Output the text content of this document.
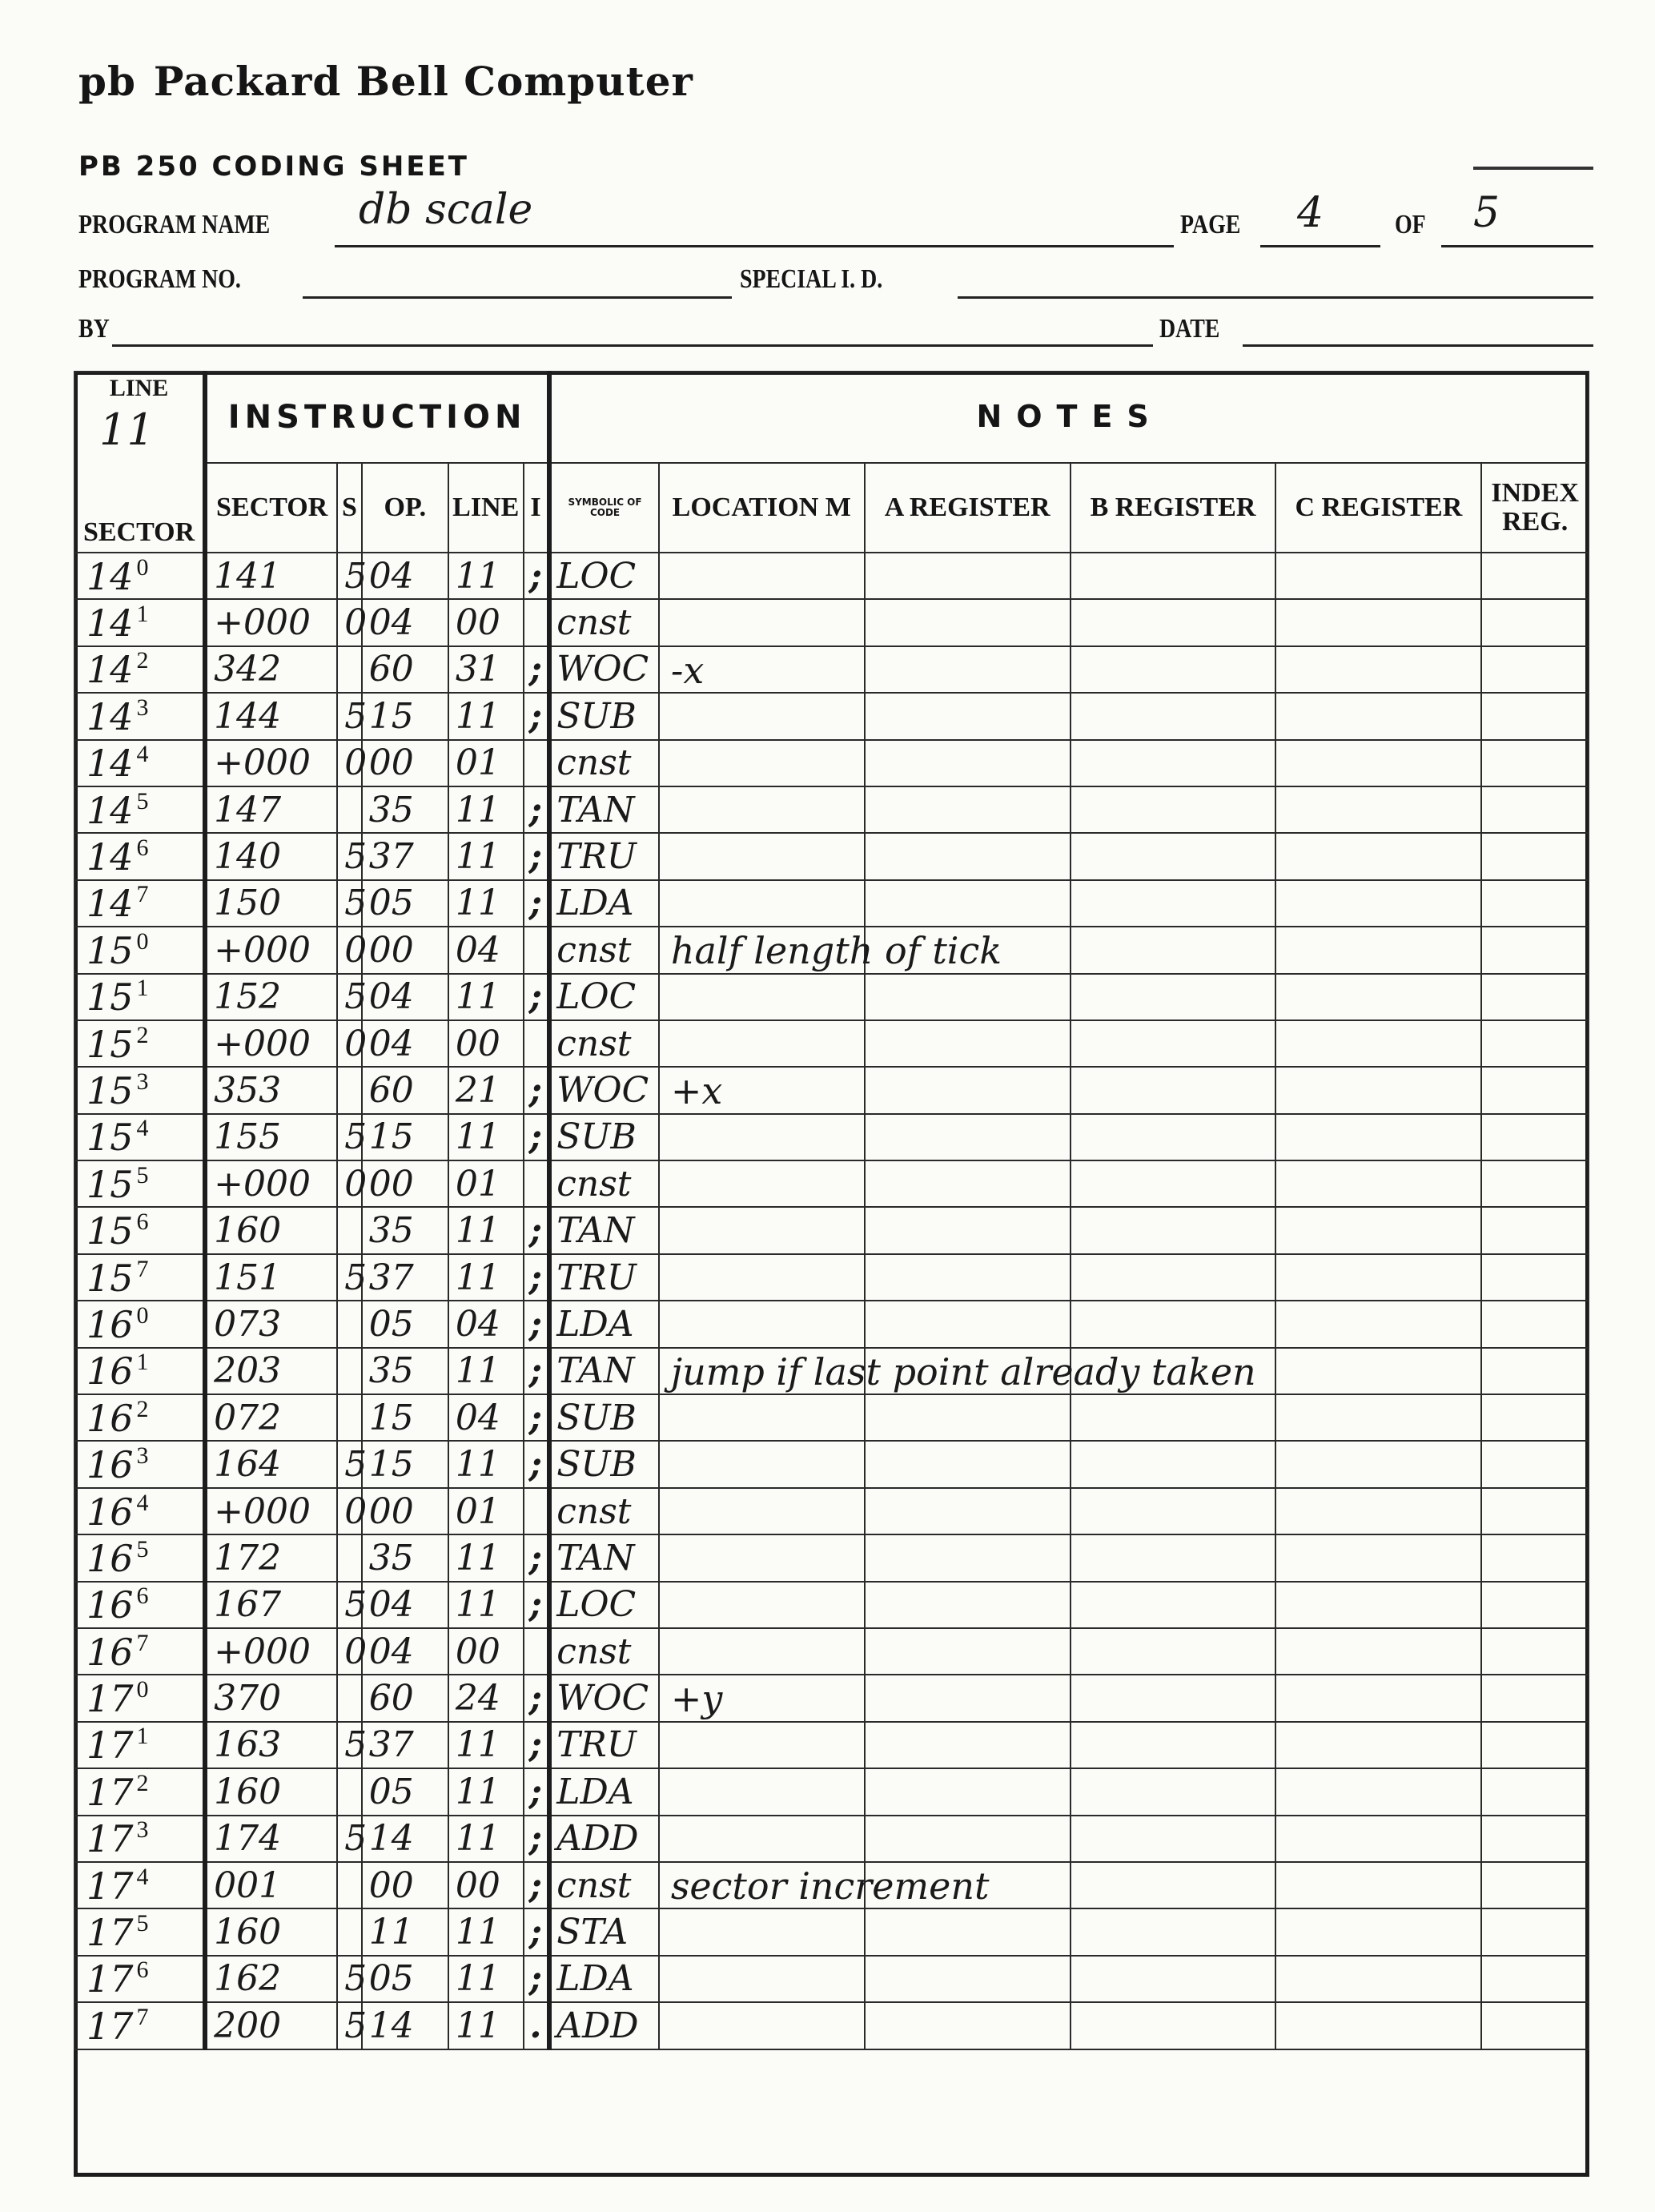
pb Packard Bell Computer
PB 250 CODING SHEET
PROGRAM NAME db scale	PAGE 4	OF 5
PROGRAM NO.	SPECIAL I. D.
BY	DATE
LINE
11
SECTOR	INSTRUCTION					NOTES					
	SECTOR	S	OP.	LINE	I	SYMBOLIC OF CODE	LOCATION M	A REGISTER	B REGISTER	C REGISTER	INDEX REG.
14 $^0$	141	5	04	11	;	LOC	

14 $^1$	+000	0	04	00		cnst	

14 $^2$	342		60	31	;	WOC	-x				

14 $^3$	144	5	15	11	;	SUB	

14 $^4$	+000	0	00	01		cnst	

14 $^5$	147		35	11	;	TAN	

14 $^6$	140	5	37	11	;	TRU	

14 $^7$	150	5	05	11	;	LDA	

15 $^0$	+000	0	00	04		cnst	half length of tick				

15 $^1$	152	5	04	11	;	LOC	

15 $^2$	+000	0	04	00		cnst	

15 $^3$	353		60	21	;	WOC	+x				

15 $^4$	155	5	15	11	;	SUB	

15 $^5$	+000	0	00	01		cnst	

15 $^6$	160		35	11	;	TAN	

15 $^7$	151	5	37	11	;	TRU	

16 $^0$	073		05	04	;	LDA	

16 $^1$	203		35	11	;	TAN	jump if last point already taken				

16 $^2$	072		15	04	;	SUB	

16 $^3$	164	5	15	11	;	SUB	

16 $^4$	+000	0	00	01		cnst	

16 $^5$	172		35	11	;	TAN	

16 $^6$	167	5	04	11	;	LOC	

16 $^7$	+000	0	04	00		cnst	

17 $^0$	370		60	24	;	WOC	+y				

17 $^1$	163	5	37	11	;	TRU	

17 $^2$	160		05	11	;	LDA	

17 $^3$	174	5	14	11	;	ADD	

17 $^4$	001		00	00	;	cnst	sector increment				

17 $^5$	160		11	11	;	STA	

17 $^6$	162	5	05	11	;	LDA	

17 $^7$	200	5	14	11	.	ADD	
